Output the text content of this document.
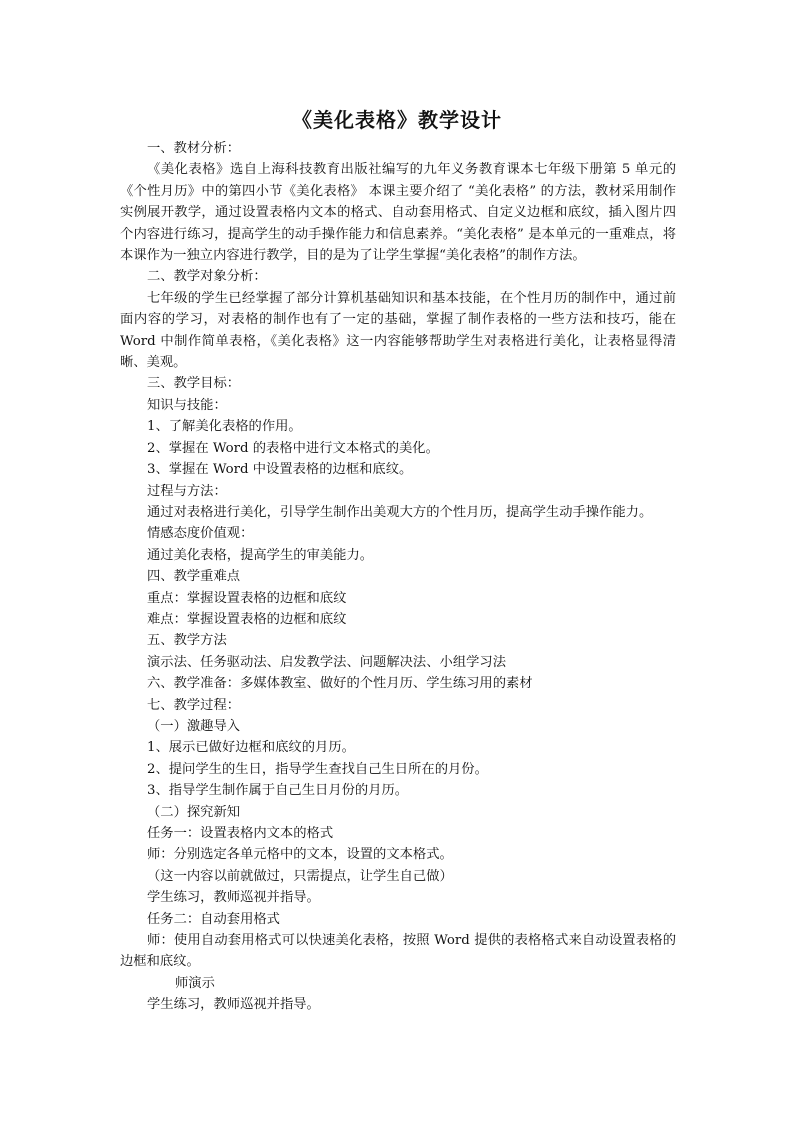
《美化表格》教学设计

一、教材分析：

《美化表格》选自上海科技教育出版社编写的九年义务教育课本七年级下册第 5 单元的《个性月历》中的第四小节《美化表格》 本课主要介绍了 “美化表格” 的方法，教材采用制作实例展开教学，通过设置表格内文本的格式、自动套用格式、自定义边框和底纹，插入图片四个内容进行练习，提高学生的动手操作能力和信息素养。“美化表格” 是本单元的一重难点，将本课作为一独立内容进行教学，目的是为了让学生掌握“美化表格”的制作方法。

二、教学对象分析：

七年级的学生已经掌握了部分计算机基础知识和基本技能，在个性月历的制作中，通过前面内容的学习，对表格的制作也有了一定的基础，掌握了制作表格的一些方法和技巧，能在 Word 中制作简单表格，《美化表格》这一内容能够帮助学生对表格进行美化，让表格显得清晰、美观。

三、教学目标：

知识与技能：

1、了解美化表格的作用。

2、掌握在 Word 的表格中进行文本格式的美化。

3、掌握在 Word 中设置表格的边框和底纹。

过程与方法：

通过对表格进行美化，引导学生制作出美观大方的个性月历，提高学生动手操作能力。

情感态度价值观：

通过美化表格，提高学生的审美能力。

四、教学重难点

重点：掌握设置表格的边框和底纹

难点：掌握设置表格的边框和底纹

五、教学方法

演示法、任务驱动法、启发教学法、问题解决法、小组学习法

六、教学准备：多媒体教室、做好的个性月历、学生练习用的素材

七、教学过程：

（一）激趣导入

1、展示已做好边框和底纹的月历。

2、提问学生的生日，指导学生查找自己生日所在的月份。

3、指导学生制作属于自己生日月份的月历。

（二）探究新知

任务一：设置表格内文本的格式

师：分别选定各单元格中的文本，设置的文本格式。

（这一内容以前就做过，只需提点，让学生自己做）

学生练习，教师巡视并指导。

任务二：自动套用格式

师：使用自动套用格式可以快速美化表格，按照 Word 提供的表格格式来自动设置表格的边框和底纹。

师演示

学生练习，教师巡视并指导。
